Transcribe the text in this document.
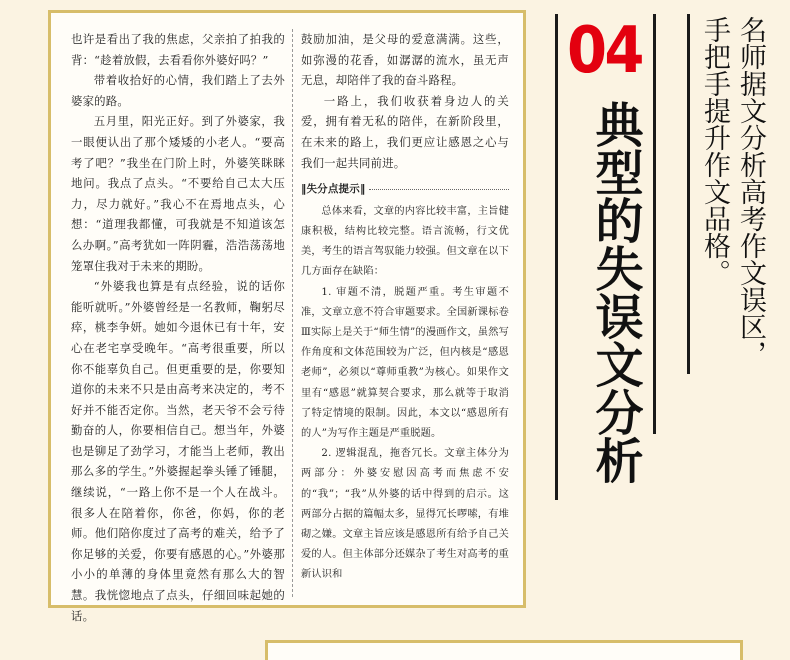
也许是看出了我的焦虑，父亲拍了拍我的背：“趁着放假，去看看你外婆好吗？”

带着收拾好的心情，我们踏上了去外婆家的路。

五月里，阳光正好。到了外婆家，我一眼便认出了那个矮矮的小老人。“要高考了吧？”我坐在门阶上时，外婆笑眯眯地问。我点了点头。“不要给自己太大压力，尽力就好。”我心不在焉地点头，心想：“道理我都懂，可我就是不知道该怎么办啊。”高考犹如一阵阴霾，浩浩荡荡地笼罩住我对于未来的期盼。

“外婆我也算是有点经验，说的话你能听就听。”外婆曾经是一名教师，鞠躬尽瘁，桃李争妍。她如今退休已有十年，安心在老宅享受晚年。“高考很重要，所以你不能辜负自己。但更重要的是，你要知道你的未来不只是由高考来决定的，考不好并不能否定你。当然，老天爷不会亏待勤奋的人，你要相信自己。想当年，外婆也是铆足了劲学习，才能当上老师，教出那么多的学生。”外婆握起拳头锤了锤腿，继续说，“一路上你不是一个人在战斗。很多人在陪着你，你爸，你妈，你的老师。他们陪你度过了高考的难关，给予了你足够的关爱，你要有感恩的心。”外婆那小小的单薄的身体里竟然有那么大的智慧。我恍惚地点了点头，仔细回味起她的话。

鼓励加油，是父母的爱意满满。这些，如弥漫的花香，如潺潺的流水，虽无声无息，却陪伴了我的奋斗路程。

一路上，我们收获着身边人的关爱，拥有着无私的陪伴，在新阶段里，在未来的路上，我们更应让感恩之心与我们一起共同前进。

‖失分点提示‖

总体来看，文章的内容比较丰富，主旨健康积极，结构比较完整。语言流畅，行文优美，考生的语言驾驭能力较强。但文章在以下几方面存在缺陷：

1. 审题不清，脱题严重。考生审题不准，文章立意不符合审题要求。全国新课标卷Ⅲ实际上是关于“师生情”的漫画作文，虽然写作角度和文体范围较为广泛，但内核是“感恩老师”，必须以“尊师重教”为核心。如果作文里有“感恩”就算契合要求，那么就等于取消了特定情境的限制。因此，本文以“感恩所有的人”为写作主题是严重脱题。

2. 逻辑混乱，拖沓冗长。文章主体分为两部分：外婆安慰因高考而焦虑不安的“我”；“我”从外婆的话中得到的启示。这两部分占据的篇幅太多，显得冗长啰嗦，有堆砌之嫌。文章主旨应该是感恩所有给予自己关爱的人。但主体部分还媒杂了考生对高考的重新认识和

04
典型的失误文分析	名师据文分析高考作文误区，
手把手提升作文品格。
